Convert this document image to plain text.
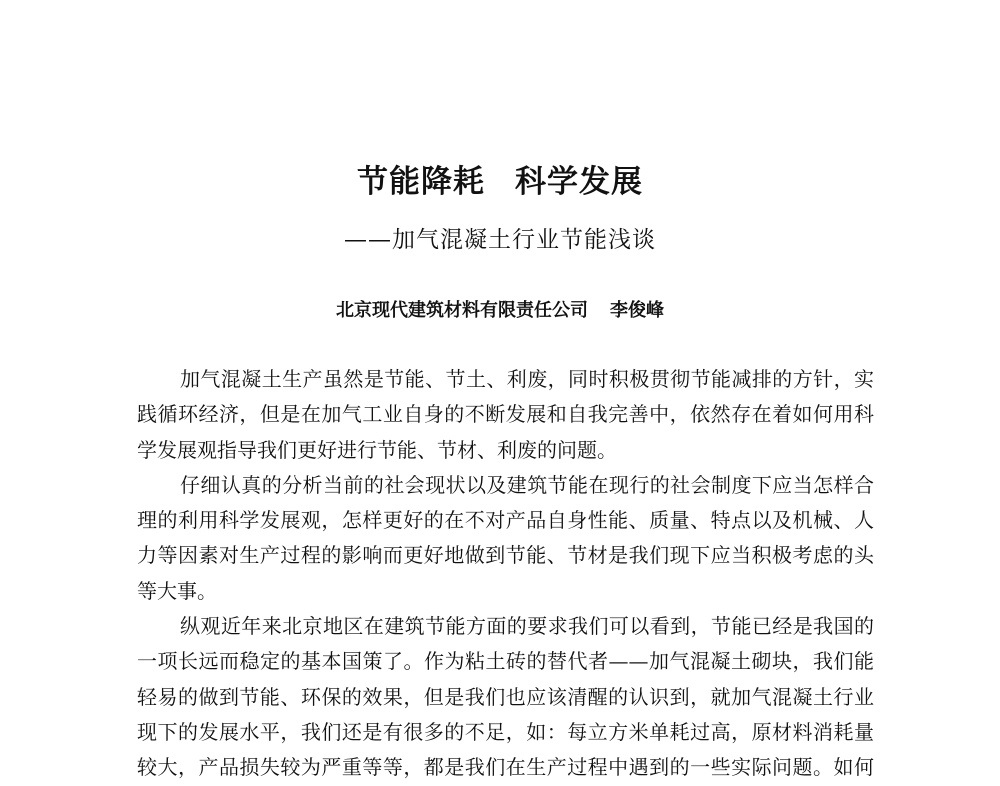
节能降耗 科学发展
——加气混凝土行业节能浅谈
北京现代建筑材料有限责任公司 李俊峰

加气混凝土生产虽然是节能、节土、利废，同时积极贯彻节能减排的方针，实
践循环经济，但是在加气工业自身的不断发展和自我完善中，依然存在着如何用科
学发展观指导我们更好进行节能、节材、利废的问题。

仔细认真的分析当前的社会现状以及建筑节能在现行的社会制度下应当怎样合
理的利用科学发展观，怎样更好的在不对产品自身性能、质量、特点以及机械、人
力等因素对生产过程的影响而更好地做到节能、节材是我们现下应当积极考虑的头
等大事。

纵观近年来北京地区在建筑节能方面的要求我们可以看到，节能已经是我国的
一项长远而稳定的基本国策了。作为粘土砖的替代者——加气混凝土砌块，我们能
轻易的做到节能、环保的效果，但是我们也应该清醒的认识到，就加气混凝土行业
现下的发展水平，我们还是有很多的不足，如：每立方米单耗过高，原材料消耗量
较大，产品损失较为严重等等，都是我们在生产过程中遇到的一些实际问题。如何
